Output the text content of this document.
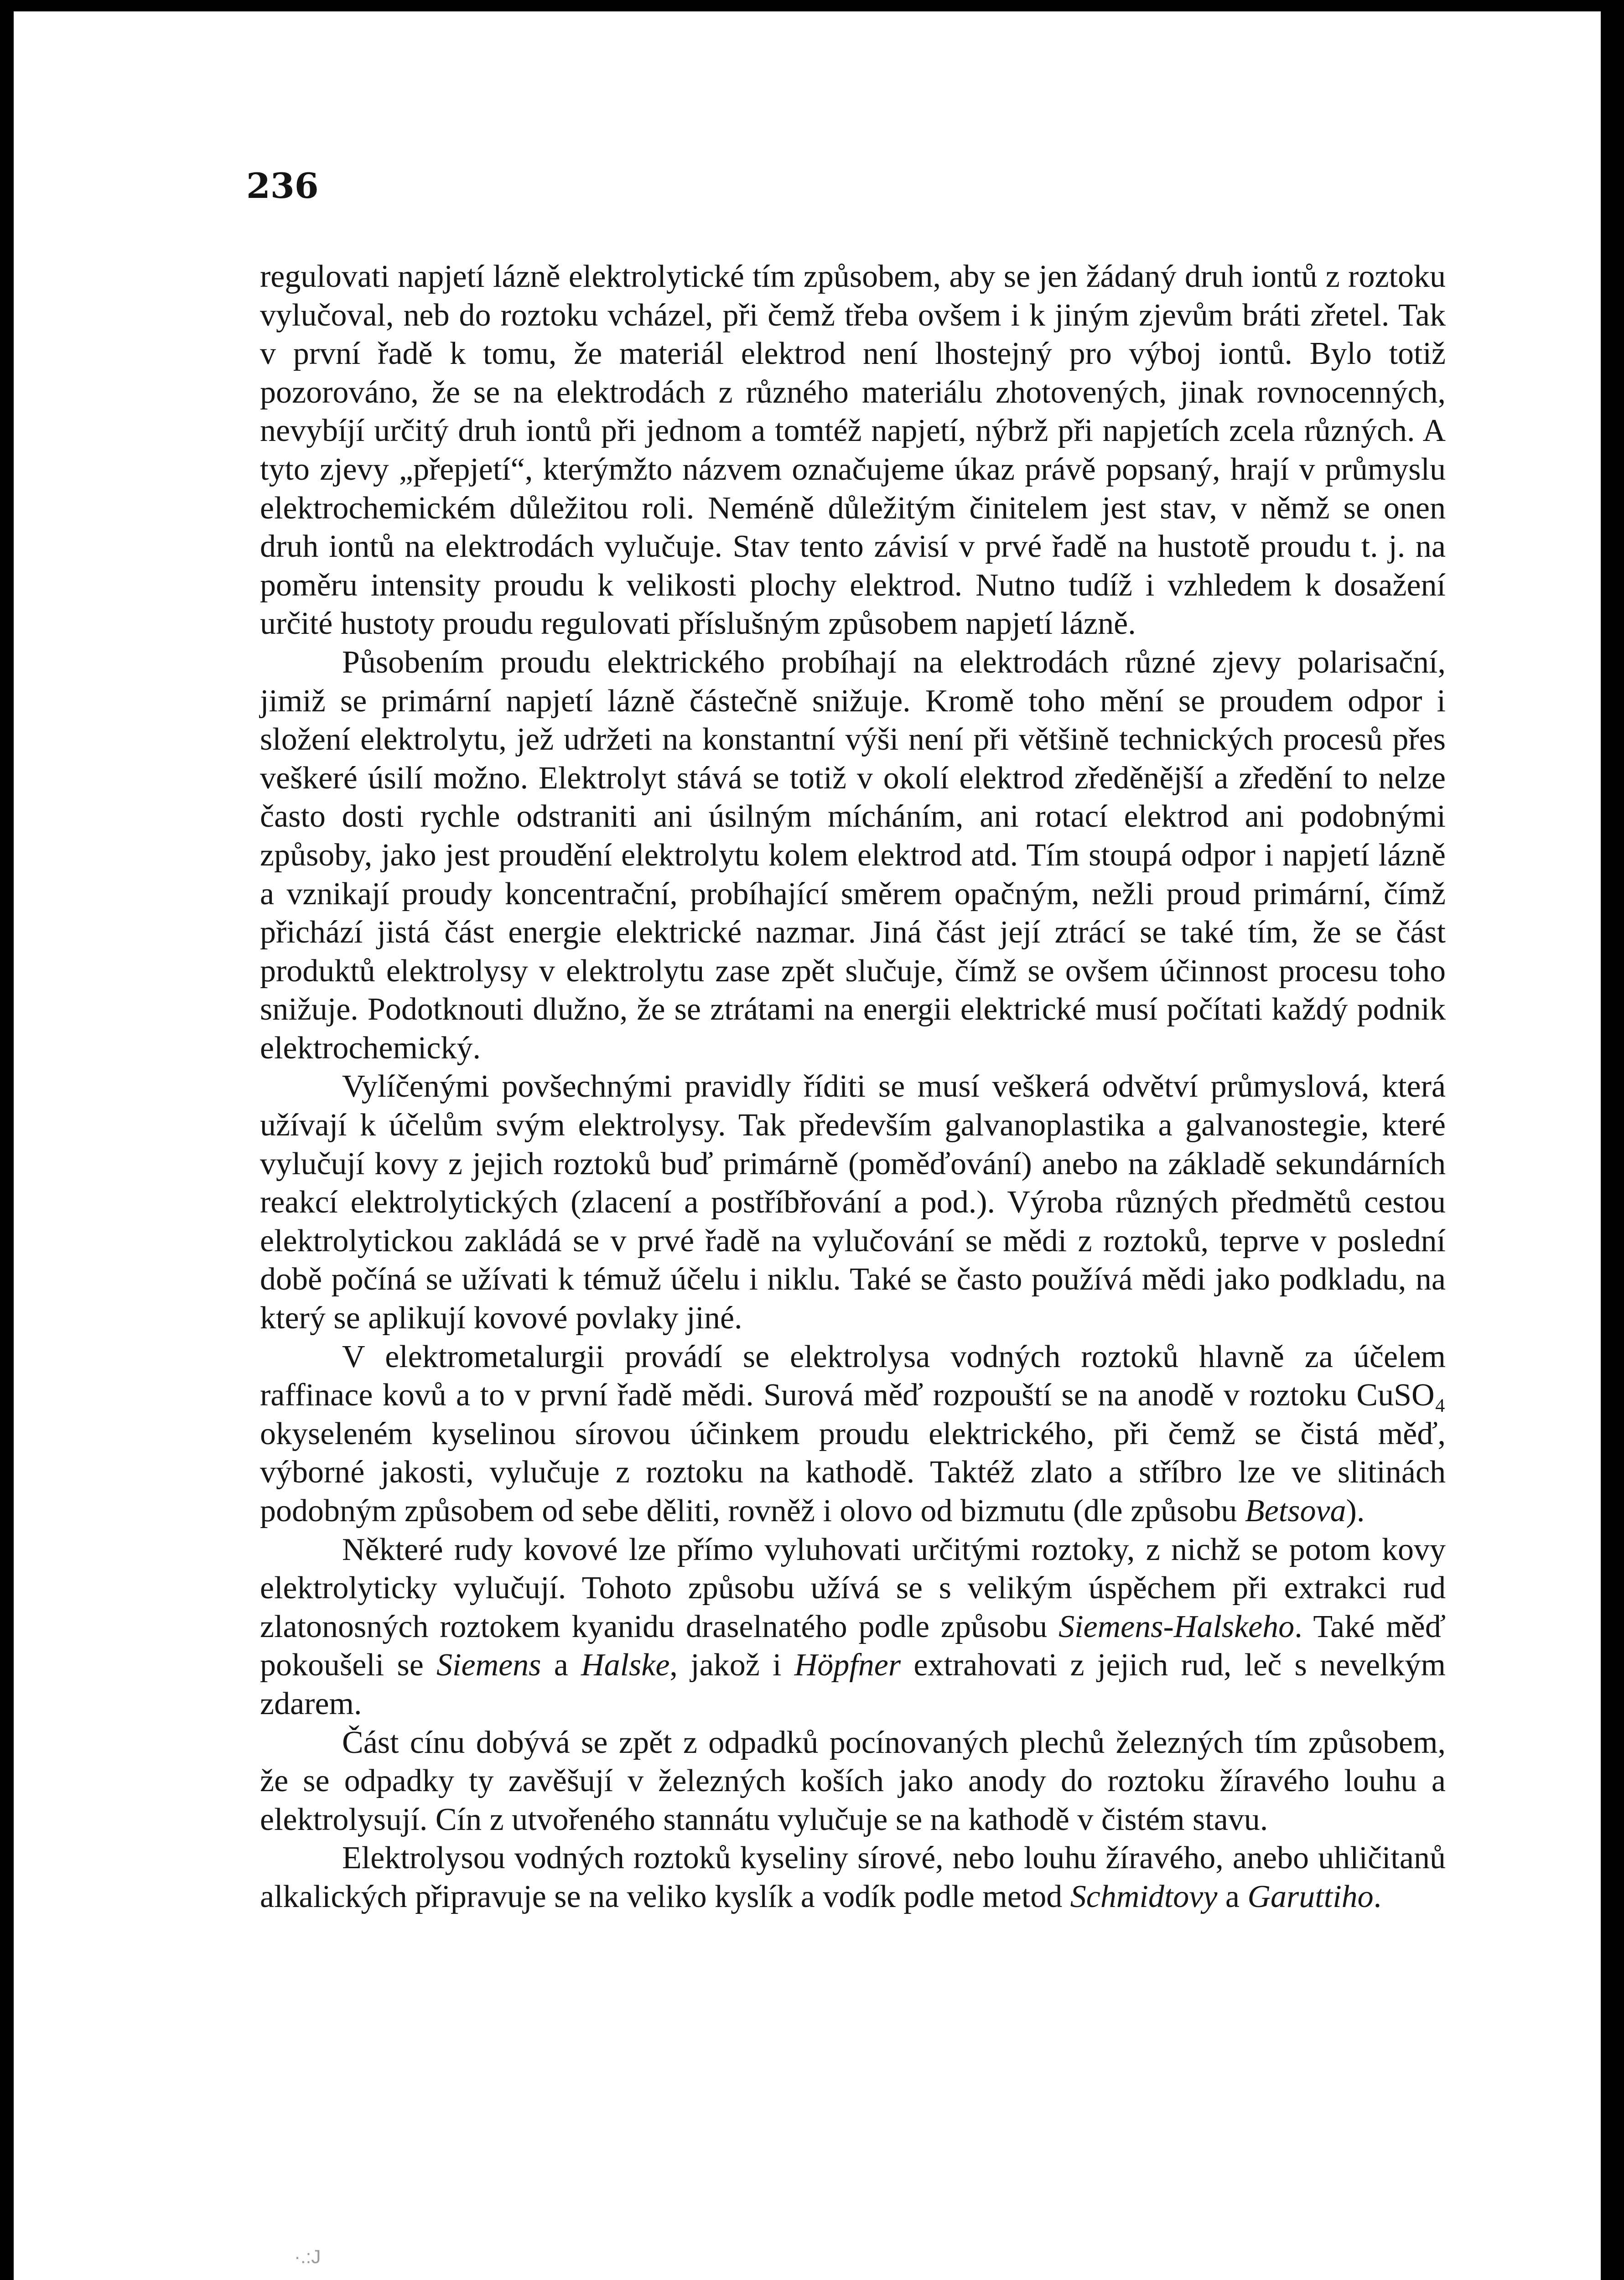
236

regulovati napjetí lázně elektrolytické tím způsobem, aby se jen žádaný druh iontů z roztoku vylučoval, neb do roztoku vcházel, při čemž třeba ovšem i k jiným zjevům bráti zřetel. Tak v první řadě k tomu, že materiál elektrod není lhostejný pro výboj iontů. Bylo totiž pozorováno, že se na elektrodách z různého materiálu zhotovených, jinak rovnocenných, nevybíjí určitý druh iontů při jednom a tomtéž napjetí, nýbrž při napjetích zcela různých. A tyto zjevy „přepjetí“, kterýmžto názvem označujeme úkaz právě popsaný, hrají v průmyslu elektrochemickém důležitou roli. Neméně důležitým činitelem jest stav, v němž se onen druh iontů na elektrodách vylučuje. Stav tento závisí v prvé řadě na hustotě proudu t. j. na poměru intensity proudu k velikosti plochy elektrod. Nutno tudíž i vzhledem k dosažení určité hustoty proudu regulovati příslušným způsobem napjetí lázně.

Působením proudu elektrického probíhají na elektrodách různé zjevy polarisační, jimiž se primární napjetí lázně částečně snižuje. Kromě toho mění se proudem odpor i složení elektrolytu, jež udržeti na konstantní výši není při většině technických procesů přes veškeré úsilí možno. Elektrolyt stává se totiž v okolí elektrod zředěnější a zředění to nelze často dosti rychle odstraniti ani úsilným mícháním, ani rotací elektrod ani podobnými způsoby, jako jest proudění elektrolytu kolem elektrod atd. Tím stoupá odpor i napjetí lázně a vznikají proudy koncentrační, probíhající směrem opačným, nežli proud primární, čímž přichází jistá část energie elektrické nazmar. Jiná část její ztrácí se také tím, že se část produktů elektrolysy v elektrolytu zase zpět slučuje, čímž se ovšem účinnost procesu toho snižuje. Podotknouti dlužno, že se ztrátami na energii elektrické musí počítati každý podnik elektrochemický.

Vylíčenými povšechnými pravidly říditi se musí veškerá odvětví průmyslová, která užívají k účelům svým elektrolysy. Tak především galvanoplastika a galvanostegie, které vylučují kovy z jejich roztoků buď primárně (poměďování) anebo na základě sekundárních reakcí elektrolytických (zlacení a postříbřování a pod.). Výroba různých předmětů cestou elektrolytickou zakládá se v prvé řadě na vylučování se mědi z roztoků, teprve v poslední době počíná se užívati k témuž účelu i niklu. Také se často používá mědi jako podkladu, na který se aplikují kovové povlaky jiné.

V elektrometalurgii provádí se elektrolysa vodných roztoků hlavně za účelem raffinace kovů a to v první řadě mědi. Surová měď rozpouští se na anodě v roztoku CuSO₄ okyseleném kyselinou sírovou účinkem proudu elektrického, při čemž se čistá měď, výborné jakosti, vylučuje z roztoku na kathodě. Taktéž zlato a stříbro lze ve slitinách podobným způsobem od sebe děliti, rovněž i olovo od bizmutu (dle způsobu Betsova).

Některé rudy kovové lze přímo vyluhovati určitými roztoky, z nichž se potom kovy elektrolyticky vylučují. Tohoto způsobu užívá se s velikým úspěchem při extrakci rud zlatonosných roztokem kyanidu draselnatého podle způsobu Siemens-Halskeho. Také měď pokoušeli se Siemens a Halske, jakož i Höpfner extrahovati z jejich rud, leč s nevelkým zdarem.

Část cínu dobývá se zpět z odpadků pocínovaných plechů železných tím způsobem, že se odpadky ty zavěšují v železných koších jako anody do roztoku žíravého louhu a elektrolysují. Cín z utvořeného stannátu vylučuje se na kathodě v čistém stavu.

Elektrolysou vodných roztoků kyseliny sírové, nebo louhu žíravého, anebo uhličitanů alkalických připravuje se na veliko kyslík a vodík podle metod Schmidtovy a Garuttiho.

·.:J
